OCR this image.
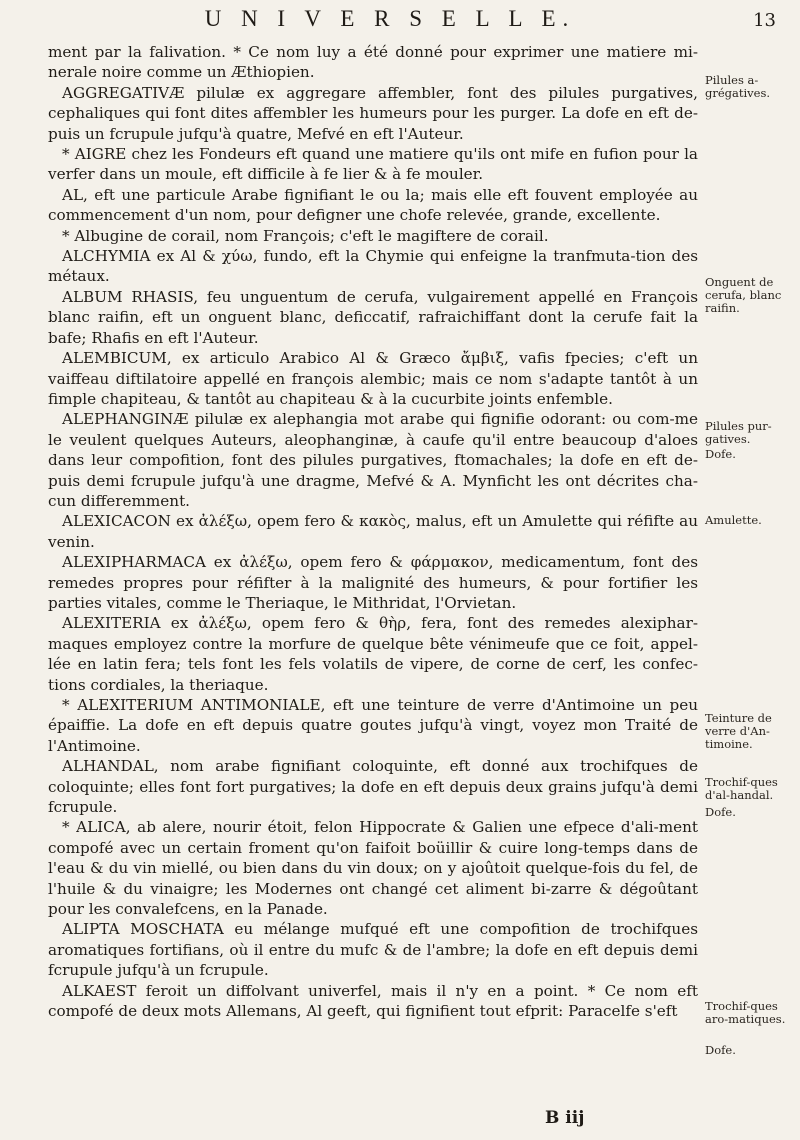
U N I V E R S E L L E.	13

ment par la falivation. * Ce nom luy a été donné pour exprimer une matiere mi-nerale noire comme un Æthiopien.

AGGREGATIVÆ pilulæ ex aggregare affembler, font des pilules purgatives, cephaliques qui font dites affembler les humeurs pour les purger. La dofe en eft de-puis un fcrupule jufqu'à quatre, Mefvé en eft l'Auteur.

* AIGRE chez les Fondeurs eft quand une matiere qu'ils ont mife en fufion pour la verfer dans un moule, eft difficile à fe lier & à fe mouler.

AL, eft une particule Arabe fignifiant le ou la; mais elle eft fouvent employée au commencement d'un nom, pour defigner une chofe relevée, grande, excellente.

* Albugine de corail, nom François; c'eft le magiftere de corail.

ALCHYMIA ex Al & χύω, fundo, eft la Chymie qui enfeigne la tranfmuta-tion des métaux.

ALBUM RHASIS, feu unguentum de cerufa, vulgairement appellé en François blanc raifin, eft un onguent blanc, deficcatif, rafraichiffant dont la cerufe fait la bafe; Rhafis en eft l'Auteur.

ALEMBICUM, ex articulo Arabico Al & Græco ἄμβιξ, vafis fpecies; c'eft un vaiffeau diftilatoire appellé en françois alembic; mais ce nom s'adapte tantôt à un fimple chapiteau, & tantôt au chapiteau & à la cucurbite joints enfemble.

ALEPHANGINÆ pilulæ ex alephangia mot arabe qui fignifie odorant: ou com-me le veulent quelques Auteurs, aleophanginæ, à caufe qu'il entre beaucoup d'aloes dans leur compofition, font des pilules purgatives, ftomachales; la dofe en eft de-puis demi fcrupule jufqu'à une dragme, Mefvé & A. Mynficht les ont décrites cha-cun differemment.

ALEXICACON ex ἀλέξω, opem fero & κακὸς, malus, eft un Amulette qui réfifte au venin.

ALEXIPHARMACA ex ἀλέξω, opem fero & φάρμακον, medicamentum, font des remedes propres pour réfifter à la malignité des humeurs, & pour fortifier les parties vitales, comme le Theriaque, le Mithridat, l'Orvietan.

ALEXITERIA ex ἀλέξω, opem fero & θὴρ, fera, font des remedes alexiphar-maques employez contre la morfure de quelque bête vénimeufe que ce foit, appel-lée en latin fera; tels font les fels volatils de vipere, de corne de cerf, les confec-tions cordiales, la theriaque.

* ALEXITERIUM ANTIMONIALE, eft une teinture de verre d'Antimoine un peu épaiffie. La dofe en eft depuis quatre goutes jufqu'à vingt, voyez mon Traité de l'Antimoine.

ALHANDAL, nom arabe fignifiant coloquinte, eft donné aux trochifques de coloquinte; elles font fort purgatives; la dofe en eft depuis deux grains jufqu'à demi fcrupule.

* ALICA, ab alere, nourir étoit, felon Hippocrate & Galien une efpece d'ali-ment compofé avec un certain froment qu'on faifoit boüillir & cuire long-temps dans de l'eau & du vin miellé, ou bien dans du vin doux; on y ajoûtoit quelque-fois du fel, de l'huile & du vinaigre; les Modernes ont changé cet aliment bi-zarre & dégoûtant pour les convalefcens, en la Panade.

ALIPTA MOSCHATA eu mélange mufqué eft une compofition de trochifques aromatiques fortifians, où il entre du mufc & de l'ambre; la dofe en eft depuis demi fcrupule jufqu'à un fcrupule.

ALKAEST feroit un diffolvant univerfel, mais il n'y en a point. * Ce nom eft compofé de deux mots Allemans, Al geeft, qui fignifient tout efprit: Paracelfe s'eft

Pilules a-grégatives.
Onguent de cerufa, blanc raifin.
Pilules pur-gatives.
Dofe.
Amulette.
Teinture de verre d'An-timoine.
Trochif-ques d'al-handal.
Dofe.
Trochif-ques aro-matiques.
Dofe.
B iij
